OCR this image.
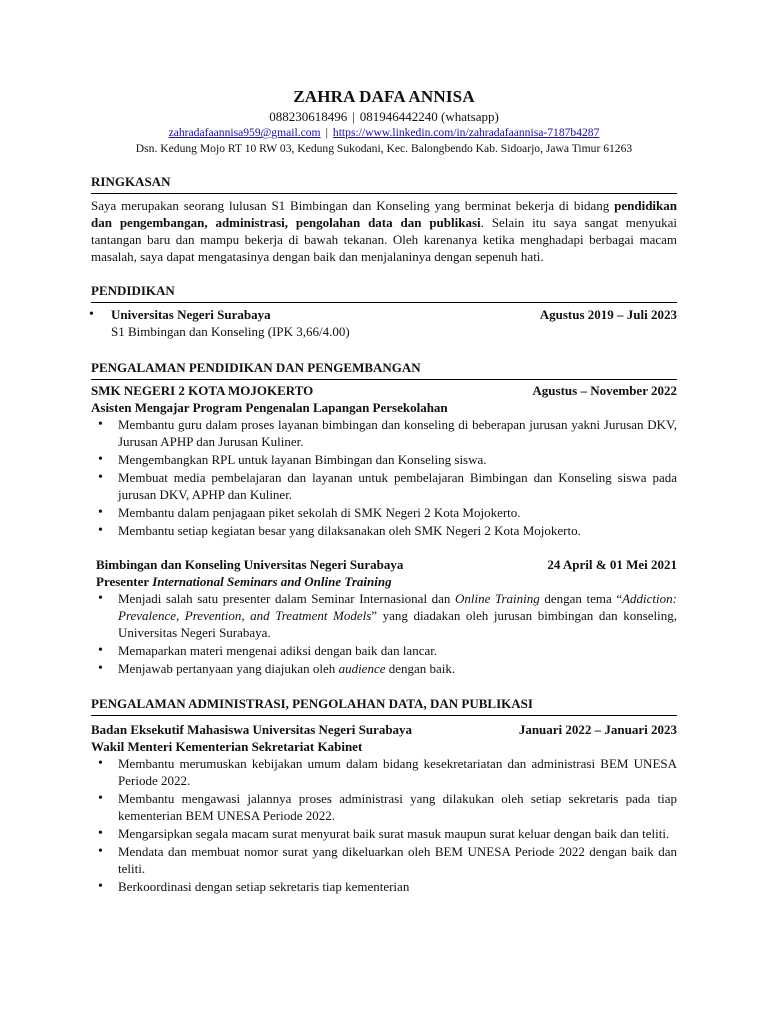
ZAHRA DAFA ANNISA
088230618496 | 081946442240 (whatsapp)
zahradafaannisa959@gmail.com | https://www.linkedin.com/in/zahradafaannisa-7187b4287
Dsn. Kedung Mojo RT 10 RW 03, Kedung Sukodani, Kec. Balongbendo Kab. Sidoarjo, Jawa Timur 61263
RINGKASAN
Saya merupakan seorang lulusan S1 Bimbingan dan Konseling yang berminat bekerja di bidang pendidikan dan pengembangan, administrasi, pengolahan data dan publikasi. Selain itu saya sangat menyukai tantangan baru dan mampu bekerja di bawah tekanan. Oleh karenanya ketika menghadapi berbagai macam masalah, saya dapat mengatasinya dengan baik dan menjalaninya dengan sepenuh hati.
PENDIDIKAN
• Universitas Negeri Surabaya	Agustus 2019 – Juli 2023
S1 Bimbingan dan Konseling (IPK 3,66/4.00)
PENGALAMAN PENDIDIKAN DAN PENGEMBANGAN
SMK NEGERI 2 KOTA MOJOKERTO	Agustus – November 2022
Asisten Mengajar Program Pengenalan Lapangan Persekolahan
• Membantu guru dalam proses layanan bimbingan dan konseling di beberapan jurusan yakni Jurusan DKV, Jurusan APHP dan Jurusan Kuliner.
• Mengembangkan RPL untuk layanan Bimbingan dan Konseling siswa.
• Membuat media pembelajaran dan layanan untuk pembelajaran Bimbingan dan Konseling siswa pada jurusan DKV, APHP dan Kuliner.
• Membantu dalam penjagaan piket sekolah di SMK Negeri 2 Kota Mojokerto.
• Membantu setiap kegiatan besar yang dilaksanakan oleh SMK Negeri 2 Kota Mojokerto.
Bimbingan dan Konseling Universitas Negeri Surabaya	24 April & 01 Mei 2021
Presenter International Seminars and Online Training
• Menjadi salah satu presenter dalam Seminar Internasional dan Online Training dengan tema “Addiction: Prevalence, Prevention, and Treatment Models” yang diadakan oleh jurusan bimbingan dan konseling, Universitas Negeri Surabaya.
• Memaparkan materi mengenai adiksi dengan baik dan lancar.
• Menjawab pertanyaan yang diajukan oleh audience dengan baik.
PENGALAMAN ADMINISTRASI, PENGOLAHAN DATA, DAN PUBLIKASI
Badan Eksekutif Mahasiswa Universitas Negeri Surabaya	Januari 2022 – Januari 2023
Wakil Menteri Kementerian Sekretariat Kabinet
• Membantu merumuskan kebijakan umum dalam bidang kesekretariatan dan administrasi BEM UNESA Periode 2022.
• Membantu mengawasi jalannya proses administrasi yang dilakukan oleh setiap sekretaris pada tiap kementerian BEM UNESA Periode 2022.
• Mengarsipkan segala macam surat menyurat baik surat masuk maupun surat keluar dengan baik dan teliti.
• Mendata dan membuat nomor surat yang dikeluarkan oleh BEM UNESA Periode 2022 dengan baik dan teliti.
• Berkoordinasi dengan setiap sekretaris tiap kementerian
